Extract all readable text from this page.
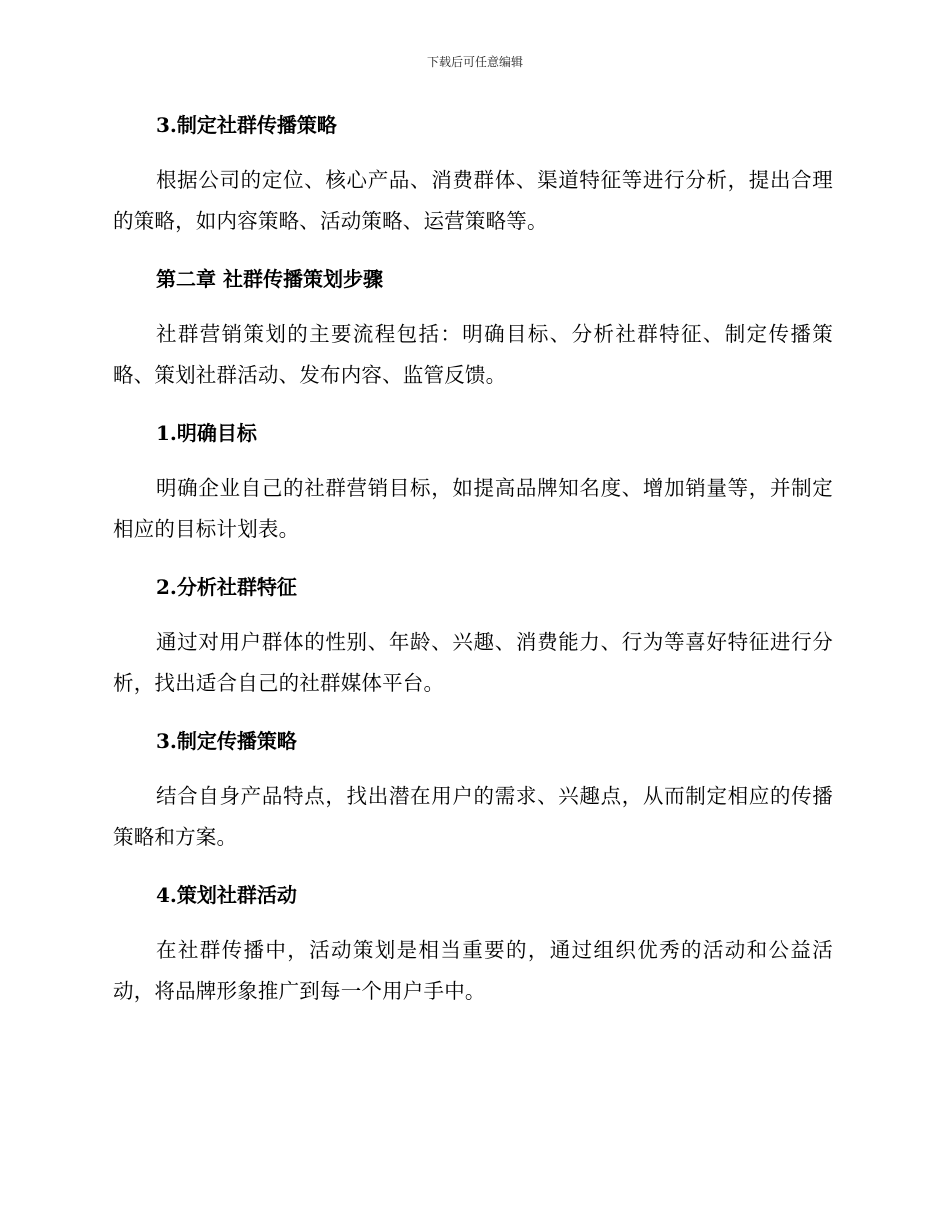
下载后可任意编辑
3.制定社群传播策略
根据公司的定位、核心产品、消费群体、渠道特征等进行分析，提出合理的策略，如内容策略、活动策略、运营策略等。
第二章 社群传播策划步骤
社群营销策划的主要流程包括：明确目标、分析社群特征、制定传播策略、策划社群活动、发布内容、监管反馈。
1.明确目标
明确企业自己的社群营销目标，如提高品牌知名度、增加销量等，并制定相应的目标计划表。
2.分析社群特征
通过对用户群体的性别、年龄、兴趣、消费能力、行为等喜好特征进行分析，找出适合自己的社群媒体平台。
3.制定传播策略
结合自身产品特点，找出潜在用户的需求、兴趣点，从而制定相应的传播策略和方案。
4.策划社群活动
在社群传播中，活动策划是相当重要的，通过组织优秀的活动和公益活动，将品牌形象推广到每一个用户手中。
